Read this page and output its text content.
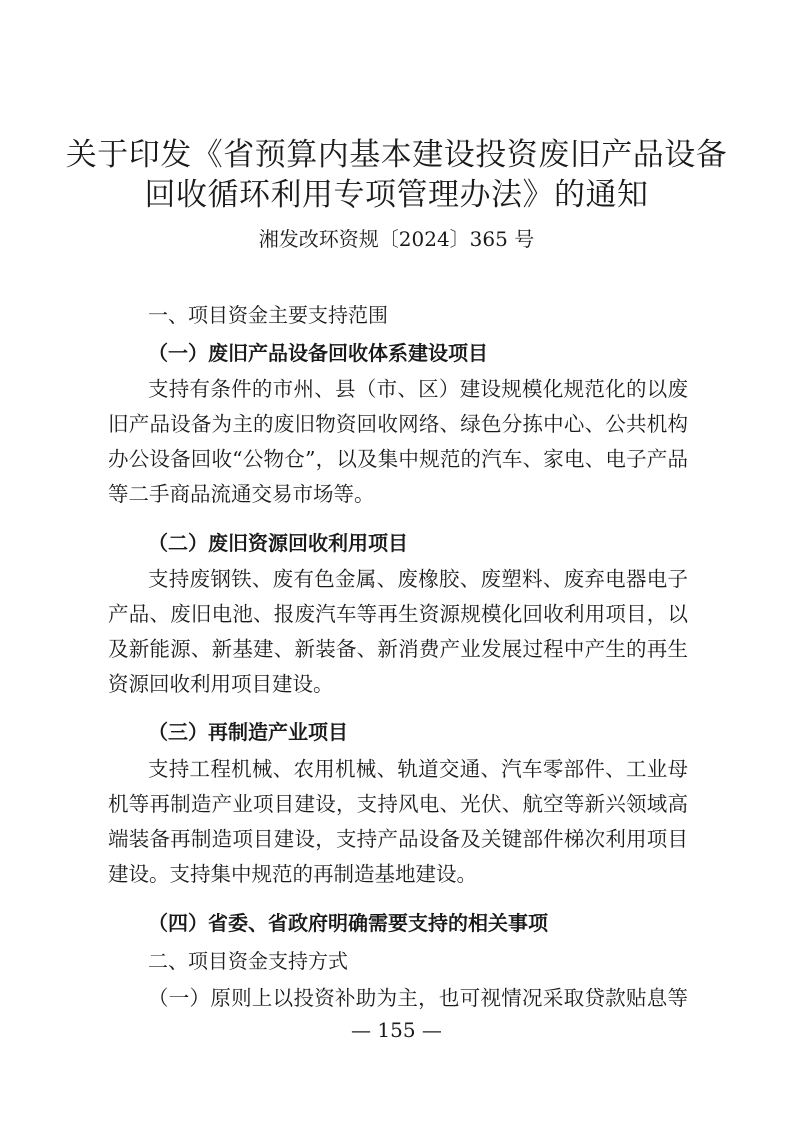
关于印发《省预算内基本建设投资废旧产品设备
回收循环利用专项管理办法》的通知
湘发改环资规〔2024〕365 号
一、项目资金主要支持范围
（一）废旧产品设备回收体系建设项目
支持有条件的市州、县（市、区）建设规模化规范化的以废
旧产品设备为主的废旧物资回收网络、绿色分拣中心、公共机构
办公设备回收“公物仓”，以及集中规范的汽车、家电、电子产品
等二手商品流通交易市场等。
（二）废旧资源回收利用项目
支持废钢铁、废有色金属、废橡胶、废塑料、废弃电器电子
产品、废旧电池、报废汽车等再生资源规模化回收利用项目，以
及新能源、新基建、新装备、新消费产业发展过程中产生的再生
资源回收利用项目建设。
（三）再制造产业项目
支持工程机械、农用机械、轨道交通、汽车零部件、工业母
机等再制造产业项目建设，支持风电、光伏、航空等新兴领域高
端装备再制造项目建设，支持产品设备及关键部件梯次利用项目
建设。支持集中规范的再制造基地建设。
（四）省委、省政府明确需要支持的相关事项
二、项目资金支持方式
（一）原则上以投资补助为主，也可视情况采取贷款贴息等
— 155 —
